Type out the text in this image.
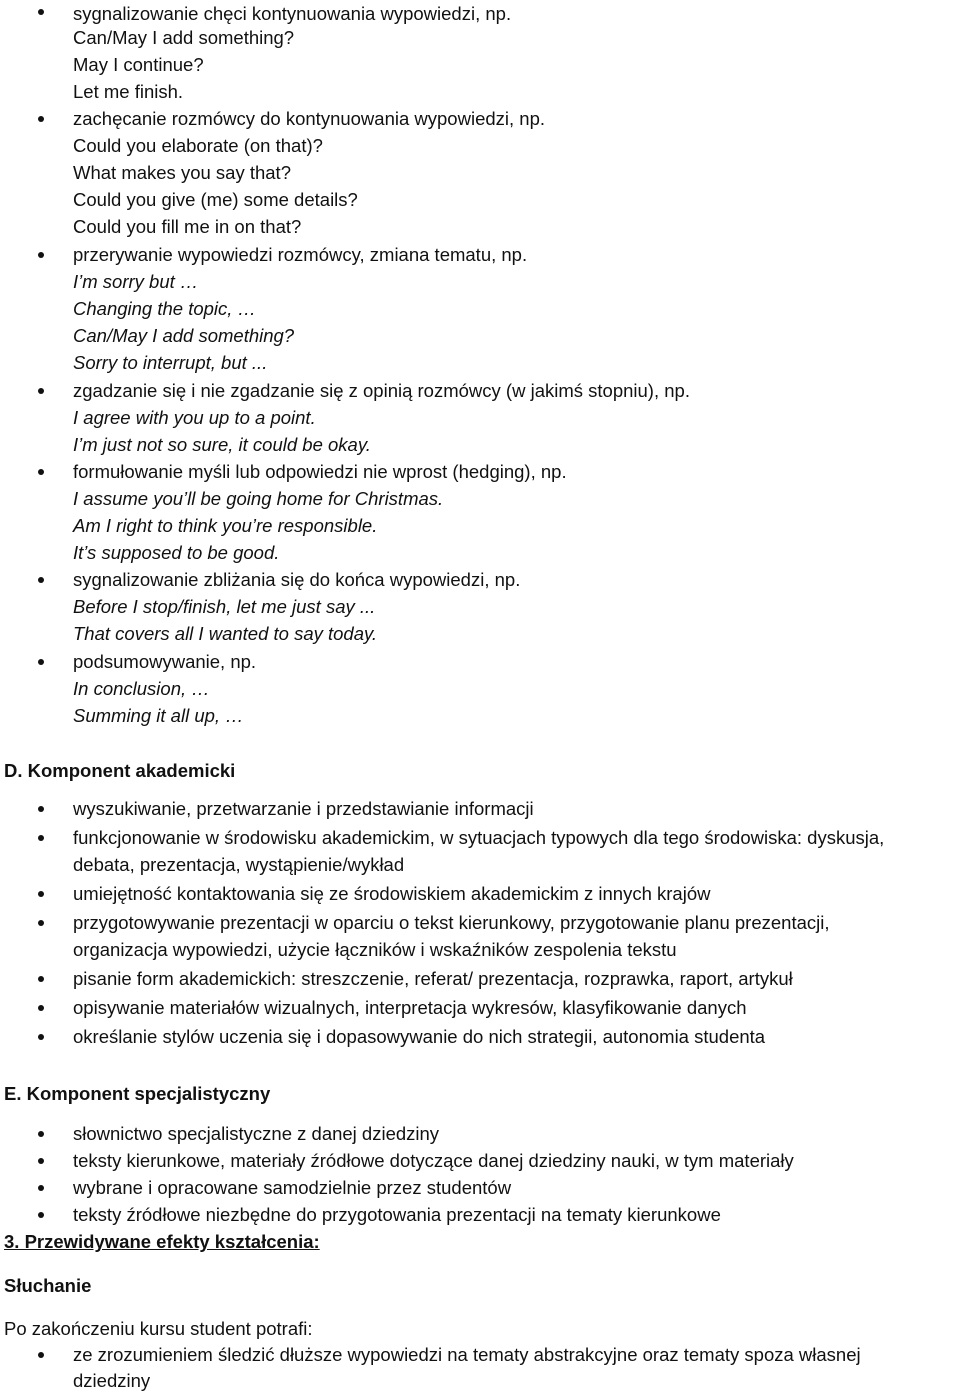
sygnalizowanie chęci kontynuowania wypowiedzi, np.
Can/May I add something?
May I continue?
Let me finish.
zachęcanie rozmówcy do kontynuowania wypowiedzi, np.
Could you elaborate (on that)?
What makes you say that?
Could you give (me) some details?
Could you fill me in on that?
przerywanie wypowiedzi rozmówcy, zmiana tematu, np.
I’m sorry but …
Changing the topic, …
Can/May I add something?
Sorry to interrupt, but ...
zgadzanie się i nie zgadzanie się z opinią rozmówcy (w jakimś stopniu), np.
I agree with you up to a point.
I’m just not so sure, it could be okay.
formułowanie myśli lub odpowiedzi nie wprost (hedging), np.
I assume you’ll be going home for Christmas.
Am I right to think you’re responsible.
It’s supposed to be good.
sygnalizowanie zbliżania się do końca wypowiedzi, np.
Before I stop/finish, let me just say ...
That covers all I wanted to say today.
podsumowywanie, np.
In conclusion, …
Summing it all up, …
D. Komponent akademicki
wyszukiwanie, przetwarzanie i przedstawianie informacji
funkcjonowanie w środowisku akademickim, w sytuacjach typowych dla tego środowiska: dyskusja,
debata, prezentacja, wystąpienie/wykład
umiejętność kontaktowania się ze środowiskiem akademickim z innych krajów
przygotowywanie prezentacji w oparciu o tekst kierunkowy, przygotowanie planu prezentacji,
organizacja wypowiedzi, użycie łączników i wskaźników zespolenia tekstu
pisanie form akademickich: streszczenie, referat/ prezentacja, rozprawka, raport, artykuł
opisywanie materiałów wizualnych, interpretacja wykresów, klasyfikowanie danych
określanie stylów uczenia się i dopasowywanie do nich strategii, autonomia studenta
E. Komponent specjalistyczny
słownictwo specjalistyczne z danej dziedziny
teksty kierunkowe, materiały źródłowe dotyczące danej dziedziny nauki, w tym materiały
wybrane i opracowane samodzielnie przez studentów
teksty źródłowe niezbędne do przygotowania prezentacji na tematy kierunkowe
3. Przewidywane efekty kształcenia:
Słuchanie
Po zakończeniu kursu student potrafi:
ze zrozumieniem śledzić dłuższe wypowiedzi na tematy abstrakcyjne oraz tematy spoza własnej
dziedziny
